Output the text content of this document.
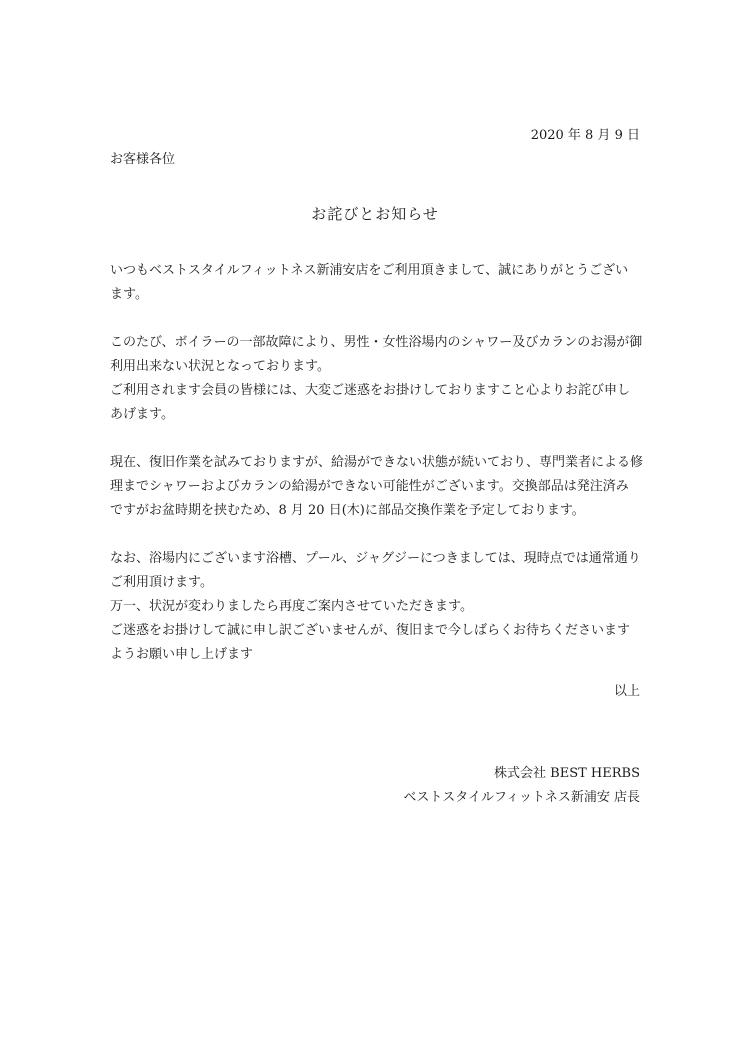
2020 年 8 月 9 日
お客様各位
お詫びとお知らせ
いつもベストスタイルフィットネス新浦安店をご利用頂きまして、誠にありがとうござい
ます。
このたび、ボイラーの一部故障により、男性・女性浴場内のシャワー及びカランのお湯が御
利用出来ない状況となっております。
ご利用されます会員の皆様には、大変ご迷惑をお掛けしておりますこと心よりお詫び申し
あげます。
現在、復旧作業を試みておりますが、給湯ができない状態が続いており、専門業者による修
理までシャワーおよびカランの給湯ができない可能性がございます。交換部品は発注済み
ですがお盆時期を挟むため、8 月 20 日(木)に部品交換作業を予定しております。
なお、浴場内にございます浴槽、プール、ジャグジーにつきましては、現時点では通常通り
ご利用頂けます。
万一、状況が変わりましたら再度ご案内させていただきます。
ご迷惑をお掛けして誠に申し訳ございませんが、復旧まで今しばらくお待ちくださいます
ようお願い申し上げます
以上
株式会社 BEST HERBS
ベストスタイルフィットネス新浦安 店長
